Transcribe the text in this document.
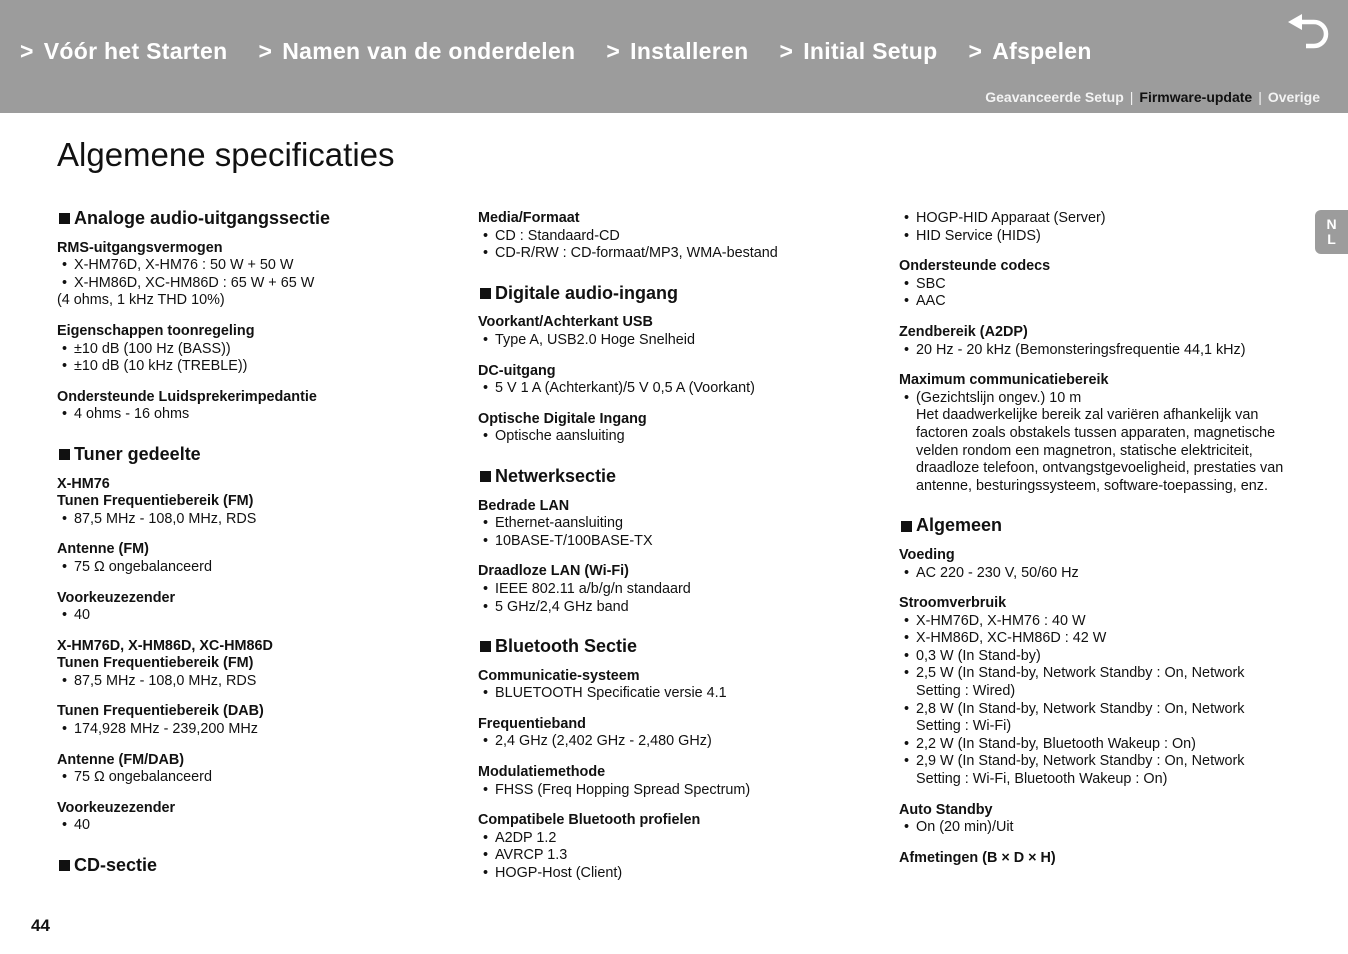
> Vóór het Starten > Namen van de onderdelen > Installeren > Initial Setup > Afspelen
Geavanceerde Setup | Firmware-update | Overige
Algemene specificaties
Analoge audio-uitgangssectie
RMS-uitgangsvermogen
• X-HM76D, X-HM76 : 50 W + 50 W
• X-HM86D, XC-HM86D : 65 W + 65 W
(4 ohms, 1 kHz THD 10%)
Eigenschappen toonregeling
• ±10 dB (100 Hz (BASS))
• ±10 dB (10 kHz (TREBLE))
Ondersteunde Luidsprekerimpedantie
• 4 ohms - 16 ohms
Tuner gedeelte
X-HM76
Tunen Frequentiebereik (FM)
• 87,5 MHz - 108,0 MHz, RDS
Antenne (FM)
• 75 Ω ongebalanceerd
Voorkeuzezender
• 40
X-HM76D, X-HM86D, XC-HM86D
Tunen Frequentiebereik (FM)
• 87,5 MHz - 108,0 MHz, RDS
Tunen Frequentiebereik (DAB)
• 174,928 MHz - 239,200 MHz
Antenne (FM/DAB)
• 75 Ω ongebalanceerd
Voorkeuzezender
• 40
CD-sectie
Media/Formaat
• CD : Standaard-CD
• CD-R/RW : CD-formaat/MP3, WMA-bestand
Digitale audio-ingang
Voorkant/Achterkant USB
• Type A, USB2.0 Hoge Snelheid
DC-uitgang
• 5 V 1 A (Achterkant)/5 V 0,5 A (Voorkant)
Optische Digitale Ingang
• Optische aansluiting
Netwerksectie
Bedrade LAN
• Ethernet-aansluiting
• 10BASE-T/100BASE-TX
Draadloze LAN (Wi-Fi)
• IEEE 802.11 a/b/g/n standaard
• 5 GHz/2,4 GHz band
Bluetooth Sectie
Communicatie-systeem
• BLUETOOTH Specificatie versie 4.1
Frequentieband
• 2,4 GHz (2,402 GHz - 2,480 GHz)
Modulatiemethode
• FHSS (Freq Hopping Spread Spectrum)
Compatibele Bluetooth profielen
• A2DP 1.2
• AVRCP 1.3
• HOGP-Host (Client)
• HOGP-HID Apparaat (Server)
• HID Service (HIDS)
Ondersteunde codecs
• SBC
• AAC
Zendbereik (A2DP)
• 20 Hz - 20 kHz (Bemonsteringsfrequentie 44,1 kHz)
Maximum communicatiebereik
• (Gezichtslijn ongev.) 10 m
Het daadwerkelijke bereik zal variëren afhankelijk van factoren zoals obstakels tussen apparaten, magnetische velden rondom een magnetron, statische elektriciteit, draadloze telefoon, ontvangstgevoeligheid, prestaties van antenne, besturingssysteem, software-toepassing, enz.
Algemeen
Voeding
• AC 220 - 230 V, 50/60 Hz
Stroomverbruik
• X-HM76D, X-HM76 : 40 W
• X-HM86D, XC-HM86D : 42 W
• 0,3 W (In Stand-by)
• 2,5 W (In Stand-by, Network Standby : On, Network Setting : Wired)
• 2,8 W (In Stand-by, Network Standby : On, Network Setting : Wi-Fi)
• 2,2 W (In Stand-by, Bluetooth Wakeup : On)
• 2,9 W (In Stand-by, Network Standby : On, Network Setting : Wi-Fi, Bluetooth Wakeup : On)
Auto Standby
• On (20 min)/Uit
Afmetingen (B × D × H)
N
L
44
